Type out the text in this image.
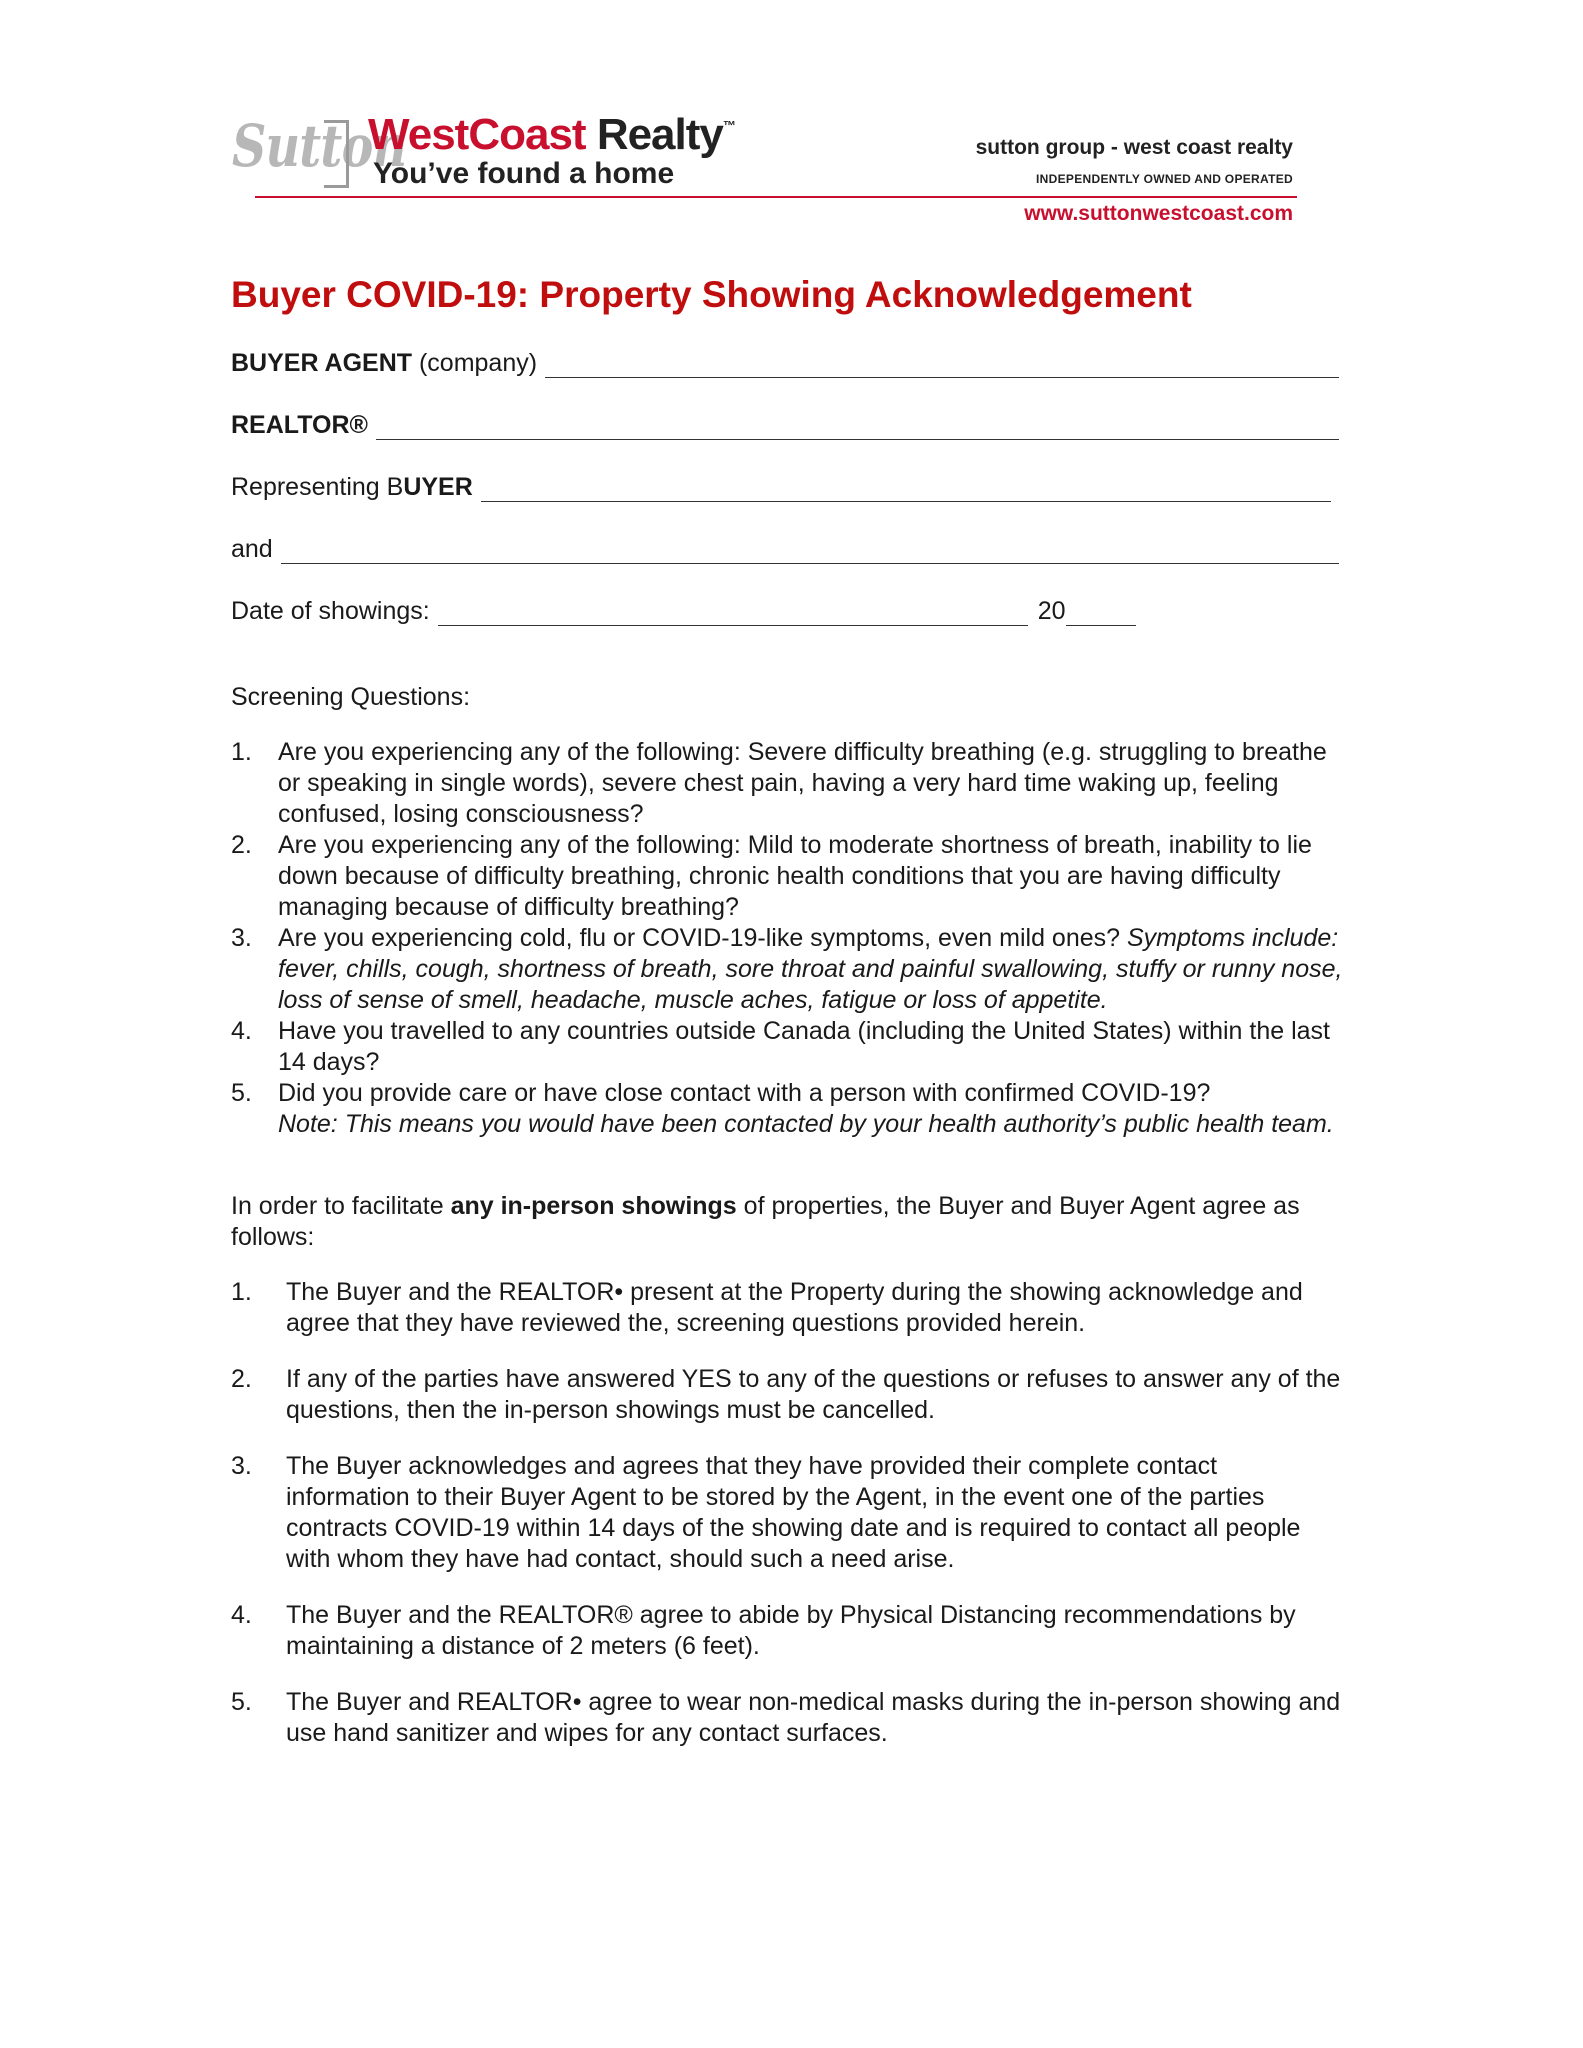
Sutton
WestCoast Realty™
You’ve found a home
sutton group - west coast realty
INDEPENDENTLY OWNED AND OPERATED
www.suttonwestcoast.com
Buyer COVID-19: Property Showing Acknowledgement
BUYER AGENT (company)
REALTOR®
Representing B UYER
and
Date of showings:	20
Screening Questions:
1. Are you experiencing any of the following: Severe difficulty breathing (e.g. struggling to breathe or speaking in single words), severe chest pain, having a very hard time waking up, feeling confused, losing consciousness?
2. Are you experiencing any of the following: Mild to moderate shortness of breath, inability to lie down because of difficulty breathing, chronic health conditions that you are having difficulty managing because of difficulty breathing?
3. Are you experiencing cold, flu or COVID-19-like symptoms, even mild ones? Symptoms include: fever, chills, cough, shortness of breath, sore throat and painful swallowing, stuffy or runny nose, loss of sense of smell, headache, muscle aches, fatigue or loss of appetite.
4. Have you travelled to any countries outside Canada (including the United States) within the last 14 days?
5. Did you provide care or have close contact with a person with confirmed COVID-19?
Note: This means you would have been contacted by your health authority’s public health team.
In order to facilitate any in-person showings of properties, the Buyer and Buyer Agent agree as follows:
1. The Buyer and the REALTOR• present at the Property during the showing acknowledge and agree that they have reviewed the, screening questions provided herein.
2. If any of the parties have answered YES to any of the questions or refuses to answer any of the questions, then the in-person showings must be cancelled.
3. The Buyer acknowledges and agrees that they have provided their complete contact information to their Buyer Agent to be stored by the Agent, in the event one of the parties contracts COVID-19 within 14 days of the showing date and is required to contact all people with whom they have had contact, should such a need arise.
4. The Buyer and the REALTOR® agree to abide by Physical Distancing recommendations by maintaining a distance of 2 meters (6 feet).
5. The Buyer and REALTOR• agree to wear non-medical masks during the in-person showing and use hand sanitizer and wipes for any contact surfaces.
